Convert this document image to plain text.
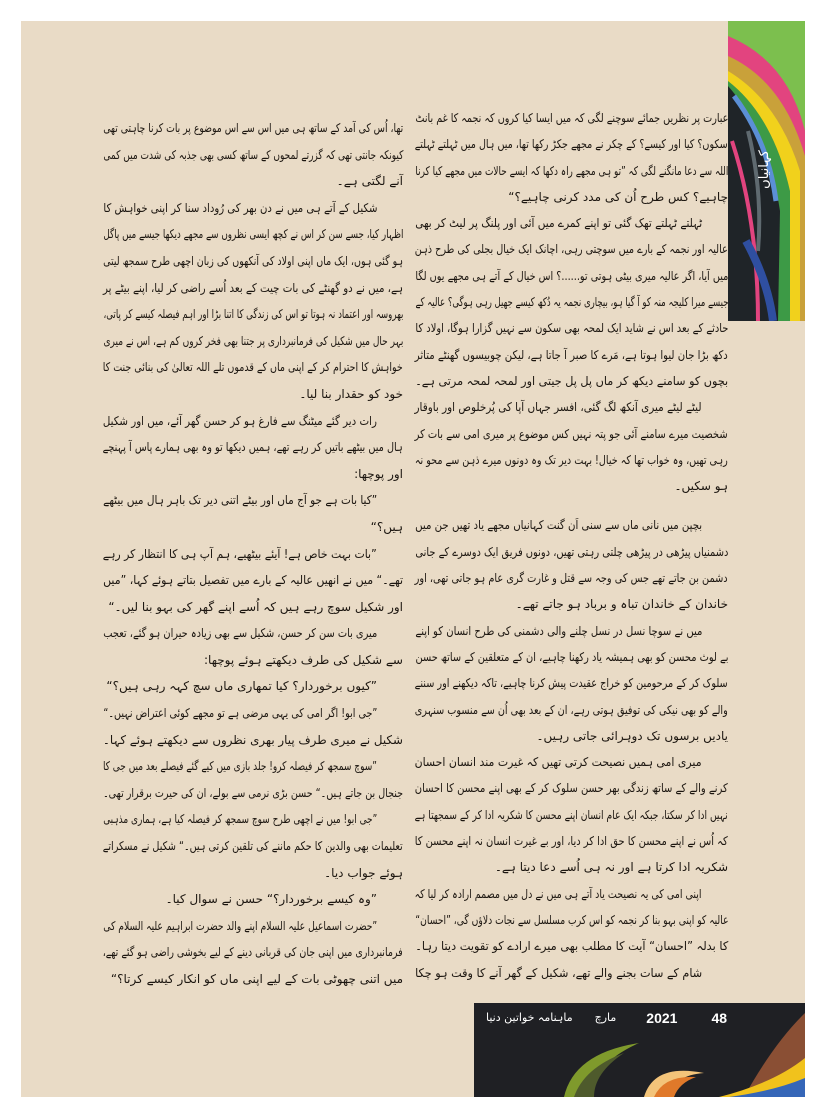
کہانیاں
عبارت پر نظریں جمائے سوچنے لگی کہ میں ایسا کیا کروں کہ نجمہ کا غم بانٹ
سکوں؟ کیا اور کیسے؟ کے چکر نے مجھے جکڑ رکھا تھا، میں ہال میں ٹہلتے ٹہلتے
اللہ سے دعا مانگنے لگی کہ ”تو ہی مجھے راہ دکھا کہ ایسے حالات میں مجھے کیا کرنا
چاہیے؟ کس طرح اُن کی مدد کرنی چاہیے؟“
ٹہلتے ٹہلتے تھک گئی تو اپنے کمرے میں آئی اور پلنگ پر لیٹ کر بھی
عالیہ اور نجمہ کے بارے میں سوچتی رہی، اچانک ایک خیال بجلی کی طرح ذہن
میں آیا، اگر عالیہ میری بیٹی ہوتی تو......؟ اس خیال کے آتے ہی مجھے یوں لگا
جیسے میرا کلیجہ منہ کو آ گیا ہو، بیچاری نجمہ یہ دُکھ کیسے جھیل رہی ہوگی؟ عالیہ کے
حادثے کے بعد اس نے شاید ایک لمحہ بھی سکون سے نہیں گزارا ہوگا، اولاد کا
دکھ بڑا جان لیوا ہوتا ہے، مَرے کا صبر آ جاتا ہے، لیکن چوبیسوں گھنٹے متاثر
بچوں کو سامنے دیکھ کر ماں پل پل جیتی اور لمحہ لمحہ مرتی ہے۔
لیٹے لیٹے میری آنکھ لگ گئی، افسر جہاں آپا کی پُرخلوص اور باوقار
شخصیت میرے سامنے آئی جو پتہ نہیں کس موضوع پر میری امی سے بات کر
رہی تھیں، وہ خواب تھا کہ خیال! بہت دیر تک وہ دونوں میرے ذہن سے محو نہ
ہو سکیں۔
بچپن میں نانی ماں سے سنی اَن گنت کہانیاں مجھے یاد تھیں جن میں
دشمنیاں پیڑھی در پیڑھی چلتی رہتی تھیں، دونوں فریق ایک دوسرے کے جانی
دشمن بن جاتے تھے جس کی وجہ سے قتل و غارت گری عام ہو جاتی تھی، اور
خاندان کے خاندان تباہ و برباد ہو جاتے تھے۔
میں نے سوچا نسل در نسل چلنے والی دشمنی کی طرح انسان کو اپنے
بے لوث محسن کو بھی ہمیشہ یاد رکھنا چاہیے، ان کے متعلقین کے ساتھ حسن
سلوک کر کے مرحومین کو خراج عقیدت پیش کرنا چاہیے، تاکہ دیکھنے اور سننے
والے کو بھی نیکی کی توفیق ہوتی رہے، ان کے بعد بھی اُن سے منسوب سنہری
یادیں برسوں تک دوہرائی جاتی رہیں۔
میری امی ہمیں نصیحت کرتی تھیں کہ غیرت مند انسان احسان
کرنے والے کے ساتھ زندگی بھر حسن سلوک کر کے بھی اپنے محسن کا احسان
نہیں ادا کر سکتا، جبکہ ایک عام انسان اپنے محسن کا شکریہ ادا کر کے سمجھتا ہے
کہ اُس نے اپنے محسن کا حق ادا کر دیا، اور بے غیرت انسان نہ اپنے محسن کا
شکریہ ادا کرتا ہے اور نہ ہی اُسے دعا دیتا ہے۔
اپنی امی کی یہ نصیحت یاد آتے ہی میں نے دل میں مصمم ارادہ کر لیا کہ
عالیہ کو اپنی بہو بنا کر نجمہ کو اس کرب مسلسل سے نجات دلاؤں گی، ”احسان“
کا بدلہ ”احسان“ آیت کا مطلب بھی میرے ارادے کو تقویت دیتا رہا۔
شام کے سات بجنے والے تھے، شکیل کے گھر آنے کا وقت ہو چکا
تھا، اُس کی آمد کے ساتھ ہی میں اس سے اس موضوع پر بات کرنا چاہتی تھی
کیونکہ جانتی تھی کہ گزرتے لمحوں کے ساتھ کسی بھی جذبہ کی شدت میں کمی
آنے لگتی ہے۔
شکیل کے آتے ہی میں نے دن بھر کی رُوداد سنا کر اپنی خواہش کا
اظہار کیا، جسے سن کر اس نے کچھ ایسی نظروں سے مجھے دیکھا جیسے میں پاگل
ہو گئی ہوں، ایک ماں اپنی اولاد کی آنکھوں کی زبان اچھی طرح سمجھ لیتی
ہے، میں نے دو گھنٹے کی بات چیت کے بعد اُسے راضی کر لیا، اپنے بیٹے پر
بھروسہ اور اعتماد نہ ہوتا تو اس کی زندگی کا اتنا بڑا اور اہم فیصلہ کیسے کر پاتی،
بہر حال میں شکیل کی فرمانبرداری پر جتنا بھی فخر کروں کم ہے، اس نے میری
خواہش کا احترام کر کے اپنی ماں کے قدموں تلے اللہ تعالیٰ کی بنائی جنت کا
خود کو حقدار بنا لیا۔
رات دیر گئے میٹنگ سے فارغ ہو کر حسن گھر آئے، میں اور شکیل
ہال میں بیٹھے باتیں کر رہے تھے، ہمیں دیکھا تو وہ بھی ہمارے پاس آ پہنچے
اور پوچھا:
”کیا بات ہے جو آج ماں اور بیٹے اتنی دیر تک باہر ہال میں بیٹھے
ہیں؟“
”بات بہت خاص ہے! آیئے بیٹھیے، ہم آپ ہی کا انتظار کر رہے
تھے۔“ میں نے انھیں عالیہ کے بارے میں تفصیل بتاتے ہوئے کہا، ”میں
اور شکیل سوچ رہے ہیں کہ اُسے اپنے گھر کی بہو بنا لیں۔“
میری بات سن کر حسن، شکیل سے بھی زیادہ حیران ہو گئے، تعجب
سے شکیل کی طرف دیکھتے ہوئے پوچھا:
”کیوں برخوردار؟ کیا تمھاری ماں سچ کہہ رہی ہیں؟“
”جی ابو! اگر امی کی یہی مرضی ہے تو مجھے کوئی اعتراض نہیں۔“
شکیل نے میری طرف پیار بھری نظروں سے دیکھتے ہوئے کہا۔
”سوچ سمجھ کر فیصلہ کرو! جلد بازی میں کیے گئے فیصلے بعد میں جی کا
جنجال بن جاتے ہیں۔“ حسن بڑی نرمی سے بولے، ان کی حیرت برقرار تھی۔
”جی ابو! میں نے اچھی طرح سوچ سمجھ کر فیصلہ کیا ہے، ہماری مذہبی
تعلیمات بھی والدین کا حکم ماننے کی تلقین کرتی ہیں۔“ شکیل نے مسکراتے
ہوئے جواب دیا۔
”وہ کیسے برخوردار؟“ حسن نے سوال کیا۔
”حضرت اسماعیل علیہ السلام اپنے والد حضرت ابراہیم علیہ السلام کی
فرمانبرداری میں اپنی جان کی قربانی دینے کے لیے بخوشی راضی ہو گئے تھے،
میں اتنی چھوٹی بات کے لیے اپنی ماں کو انکار کیسے کرتا؟“
ماہنامہ خواتین دنیا مارچ 2021 48
